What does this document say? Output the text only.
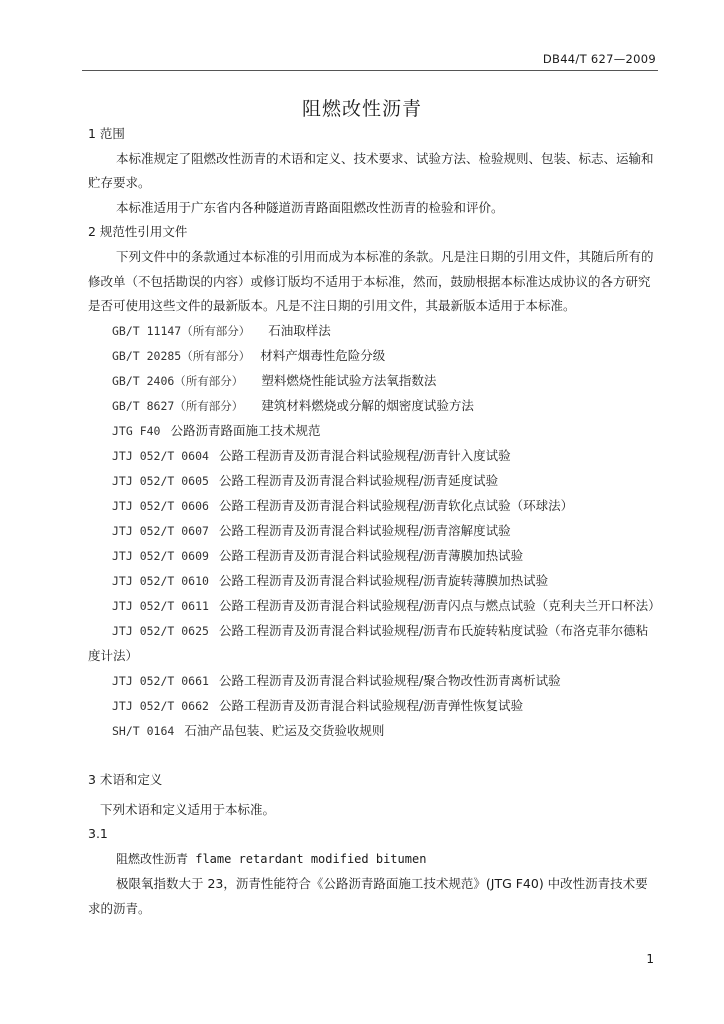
DB44/T 627—2009
阻燃改性沥青
1 范围
本标准规定了阻燃改性沥青的术语和定义、技术要求、试验方法、检验规则、包装、标志、运输和
贮存要求。
本标准适用于广东省内各种隧道沥青路面阻燃改性沥青的检验和评价。
2 规范性引用文件
下列文件中的条款通过本标准的引用而成为本标准的条款。凡是注日期的引用文件，其随后所有的
修改单（不包括勘误的内容）或修订版均不适用于本标准，然而，鼓励根据本标准达成协议的各方研究
是否可使用这些文件的最新版本。凡是不注日期的引用文件，其最新版本适用于本标准。
GB/T 11147（所有部分） 石油取样法
GB/T 20285（所有部分） 材料产烟毒性危险分级
GB/T 2406（所有部分） 塑料燃烧性能试验方法氧指数法
GB/T 8627（所有部分） 建筑材料燃烧或分解的烟密度试验方法
JTG F40 公路沥青路面施工技术规范
JTJ 052/T 0604 公路工程沥青及沥青混合料试验规程/沥青针入度试验
JTJ 052/T 0605 公路工程沥青及沥青混合料试验规程/沥青延度试验
JTJ 052/T 0606 公路工程沥青及沥青混合料试验规程/沥青软化点试验（环球法）
JTJ 052/T 0607 公路工程沥青及沥青混合料试验规程/沥青溶解度试验
JTJ 052/T 0609 公路工程沥青及沥青混合料试验规程/沥青薄膜加热试验
JTJ 052/T 0610 公路工程沥青及沥青混合料试验规程/沥青旋转薄膜加热试验
JTJ 052/T 0611 公路工程沥青及沥青混合料试验规程/沥青闪点与燃点试验（克利夫兰开口杯法）
JTJ 052/T 0625 公路工程沥青及沥青混合料试验规程/沥青布氏旋转粘度试验（布洛克菲尔德粘
度计法）
JTJ 052/T 0661 公路工程沥青及沥青混合料试验规程/聚合物改性沥青离析试验
JTJ 052/T 0662 公路工程沥青及沥青混合料试验规程/沥青弹性恢复试验
SH/T 0164 石油产品包装、贮运及交货验收规则
3 术语和定义
下列术语和定义适用于本标准。
3.1
阻燃改性沥青 flame retardant modified bitumen
极限氧指数大于 23，沥青性能符合《公路沥青路面施工技术规范》(JTG F40) 中改性沥青技术要
求的沥青。
1
